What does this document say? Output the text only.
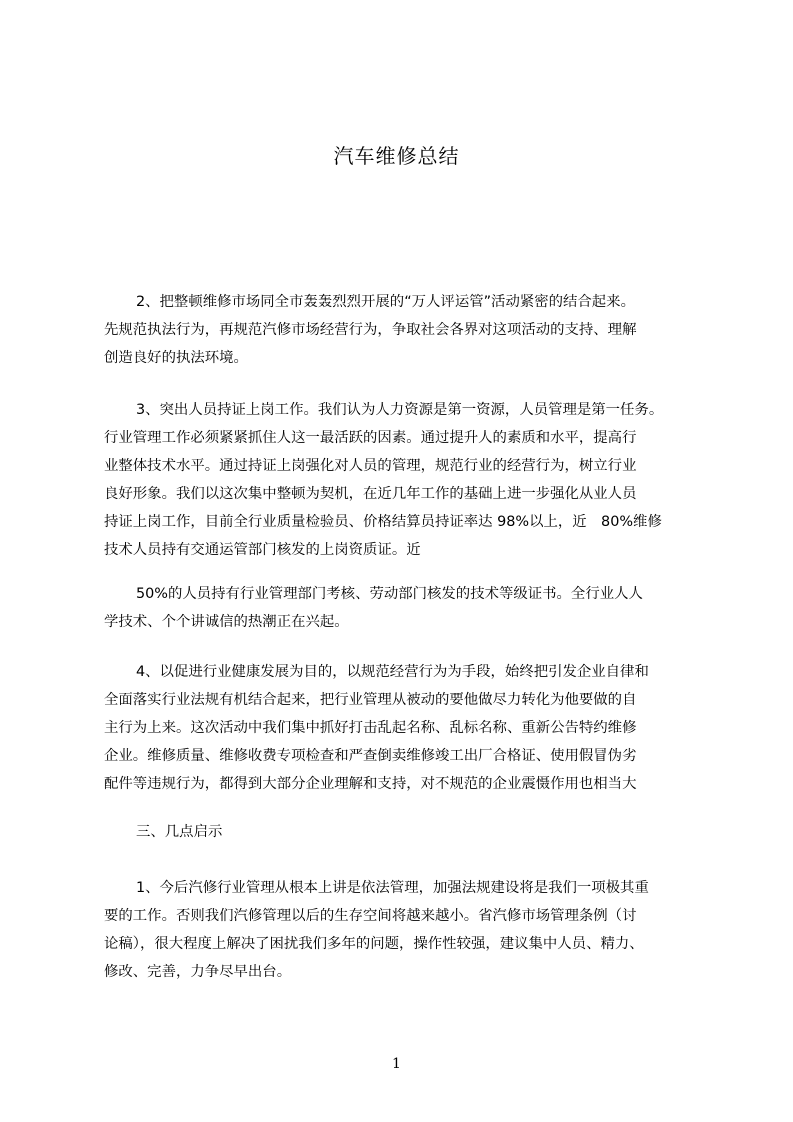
汽车维修总结
2、把整顿维修市场同全市轰轰烈烈开展的“万人评运管”活动紧密的结合起来。
先规范执法行为，再规范汽修市场经营行为，争取社会各界对这项活动的支持、理解
创造良好的执法环境。
3、突出人员持证上岗工作。我们认为人力资源是第一资源，人员管理是第一任务。
行业管理工作必须紧紧抓住人这一最活跃的因素。通过提升人的素质和水平，提高行
业整体技术水平。通过持证上岗强化对人员的管理，规范行业的经营行为，树立行业
良好形象。我们以这次集中整顿为契机，在近几年工作的基础上进一步强化从业人员
持证上岗工作，目前全行业质量检验员、价格结算员持证率达 98%以上，近　80%维修
技术人员持有交通运管部门核发的上岗资质证。近
50%的人员持有行业管理部门考核、劳动部门核发的技术等级证书。全行业人人
学技术、个个讲诚信的热潮正在兴起。
4、以促进行业健康发展为目的，以规范经营行为为手段，始终把引发企业自律和
全面落实行业法规有机结合起来，把行业管理从被动的要他做尽力转化为他要做的自
主行为上来。这次活动中我们集中抓好打击乱起名称、乱标名称、重新公告特约维修
企业。维修质量、维修收费专项检查和严查倒卖维修竣工出厂合格证、使用假冒伪劣
配件等违规行为，都得到大部分企业理解和支持，对不规范的企业震慑作用也相当大
三、几点启示
1、今后汽修行业管理从根本上讲是依法管理，加强法规建设将是我们一项极其重
要的工作。否则我们汽修管理以后的生存空间将越来越小。省汽修市场管理条例（讨
论稿），很大程度上解决了困扰我们多年的问题，操作性较强，建议集中人员、精力、
修改、完善，力争尽早出台。
1
